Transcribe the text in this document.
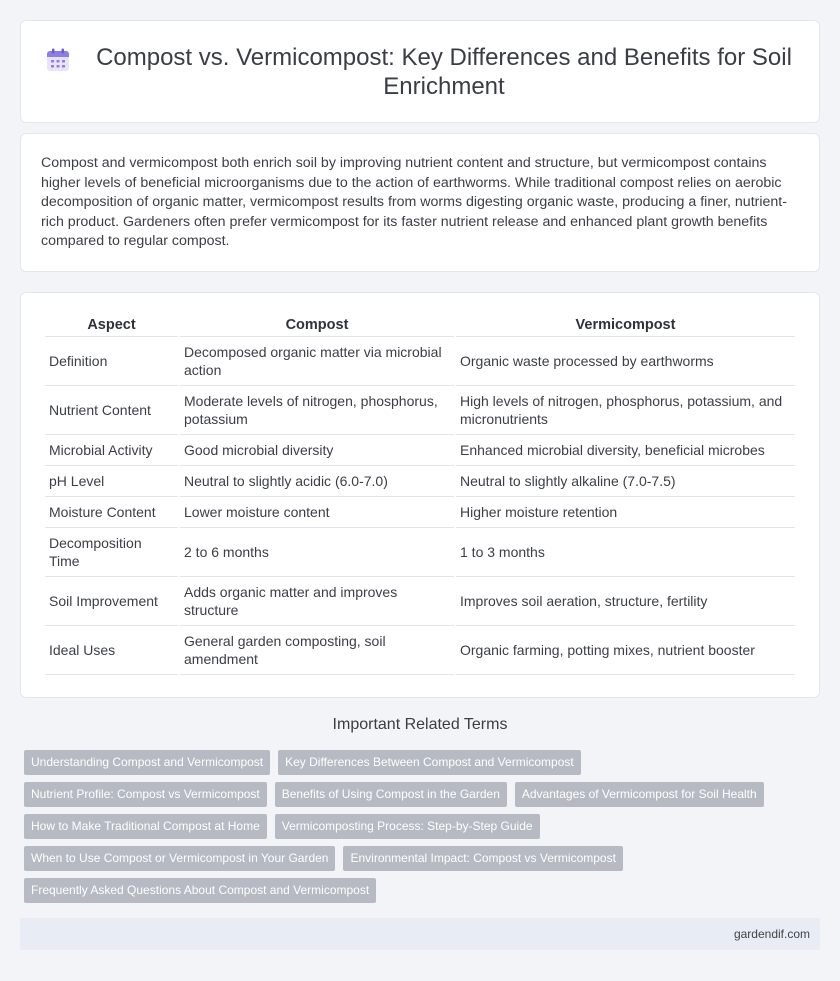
Compost vs. Vermicompost: Key Differences and Benefits for Soil Enrichment

Compost and vermicompost both enrich soil by improving nutrient content and structure, but vermicompost contains higher levels of beneficial microorganisms due to the action of earthworms. While traditional compost relies on aerobic decomposition of organic matter, vermicompost results from worms digesting organic waste, producing a finer, nutrient-rich product. Gardeners often prefer vermicompost for its faster nutrient release and enhanced plant growth benefits compared to regular compost.

Aspect	Compost	Vermicompost
Definition	Decomposed organic matter via microbial action	Organic waste processed by earthworms
Nutrient Content	Moderate levels of nitrogen, phosphorus, potassium	High levels of nitrogen, phosphorus, potassium, and micronutrients
Microbial Activity	Good microbial diversity	Enhanced microbial diversity, beneficial microbes
pH Level	Neutral to slightly acidic (6.0-7.0)	Neutral to slightly alkaline (7.0-7.5)
Moisture Content	Lower moisture content	Higher moisture retention
Decomposition Time	2 to 6 months	1 to 3 months
Soil Improvement	Adds organic matter and improves structure	Improves soil aeration, structure, fertility
Ideal Uses	General garden composting, soil amendment	Organic farming, potting mixes, nutrient booster
Important Related Terms
Understanding Compost and Vermicompost	Key Differences Between Compost and Vermicompost
Nutrient Profile: Compost vs Vermicompost	Benefits of Using Compost in the Garden	Advantages of Vermicompost for Soil Health
How to Make Traditional Compost at Home	Vermicomposting Process: Step-by-Step Guide
When to Use Compost or Vermicompost in Your Garden	Environmental Impact: Compost vs Vermicompost
Frequently Asked Questions About Compost and Vermicompost
gardendif.com
